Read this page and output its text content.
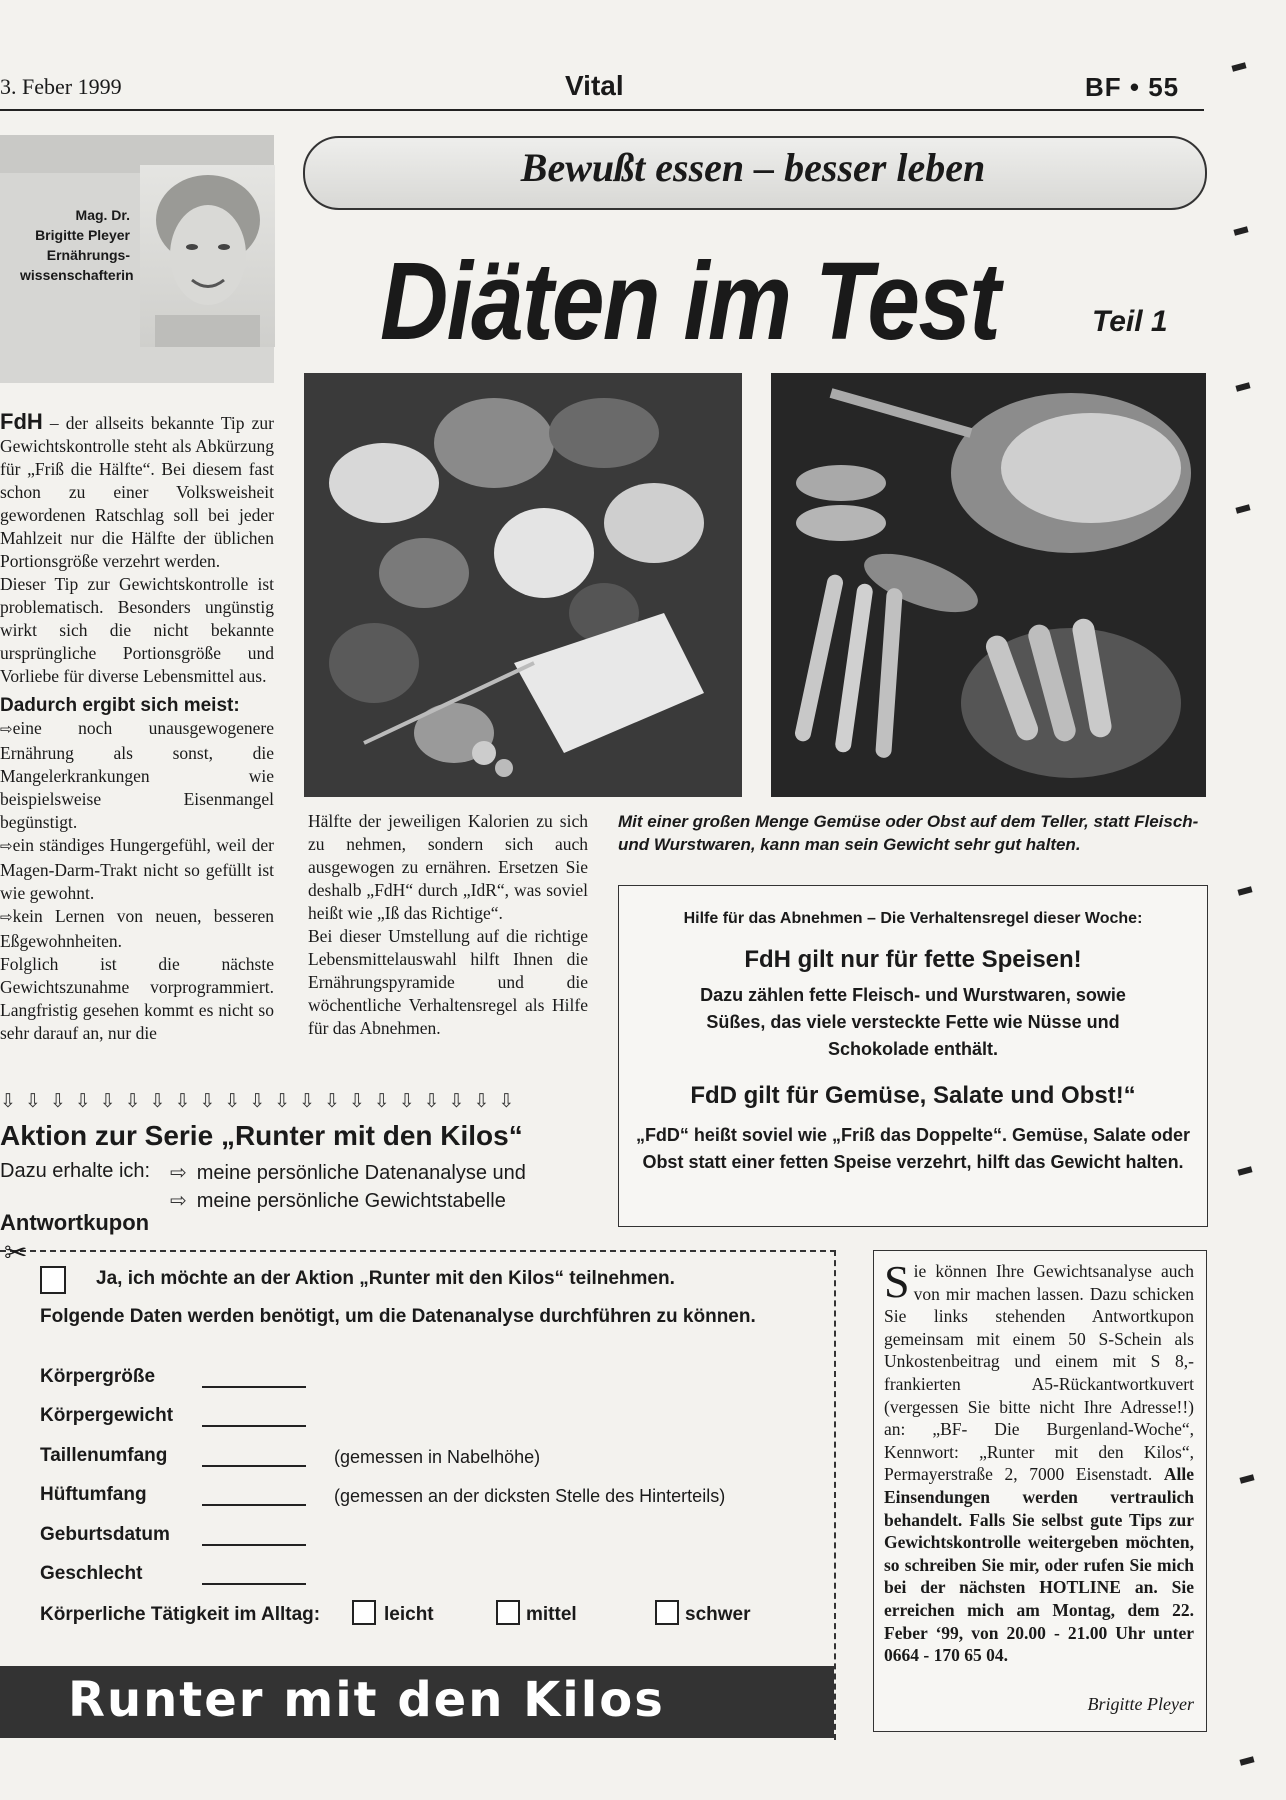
3. Feber 1999	Vital	BF • 55
Mag. Dr.
Brigitte Pleyer
Ernährungs-
wissenschafterin
Bewußt essen – besser leben
Diäten im Test	Teil 1
Mit einer großen Menge Gemüse oder Obst auf dem Teller, statt Fleisch- und Wurstwaren, kann man sein Gewicht sehr gut halten.

FdH – der allseits bekannte Tip zur Gewichtskontrolle steht als Abkürzung für „Friß die Hälfte“. Bei diesem fast schon zu einer Volksweisheit gewordenen Ratschlag soll bei jeder Mahlzeit nur die Hälfte der üblichen Portionsgröße verzehrt werden.

Dieser Tip zur Gewichtskontrolle ist problematisch. Besonders ungünstig wirkt sich die nicht bekannte ursprüngliche Portionsgröße und Vorliebe für diverse Lebensmittel aus.

Dadurch ergibt sich meist:

⇨ eine noch unausgewogenere Ernährung als sonst, die Mangelerkrankungen wie beispielsweise Eisenmangel begünstigt.

⇨ ein ständiges Hungergefühl, weil der Magen-Darm-Trakt nicht so gefüllt ist wie gewohnt.

⇨ kein Lernen von neuen, besseren Eßgewohnheiten.

Folglich ist die nächste Gewichtszunahme vorprogrammiert. Langfristig gesehen kommt es nicht so sehr darauf an, nur die

Hälfte der jeweiligen Kalorien zu sich zu nehmen, sondern sich auch ausgewogen zu ernähren. Ersetzen Sie deshalb „FdH“ durch „IdR“, was soviel heißt wie „Iß das Richtige“.

Bei dieser Umstellung auf die richtige Lebensmittelauswahl hilft Ihnen die Ernährungspyramide und die wöchentliche Verhaltensregel als Hilfe für das Abnehmen.

Hilfe für das Abnehmen – Die Verhaltensregel dieser Woche:
FdH gilt nur für fette Speisen!
Dazu zählen fette Fleisch- und Wurstwaren, sowie Süßes, das viele versteckte Fette wie Nüsse und Schokolade enthält.
FdD gilt für Gemüse, Salate und Obst!“
„FdD“ heißt soviel wie „Friß das Doppelte“. Gemüse, Salate oder Obst statt einer fetten Speise verzehrt, hilft das Gewicht halten.
⇩⇩⇩⇩⇩⇩⇩⇩⇩⇩⇩⇩⇩⇩⇩⇩⇩⇩⇩⇩⇩
Aktion zur Serie „Runter mit den Kilos“
Dazu erhalte ich: ⇨ meine persönliche Datenanalyse und
⇨ meine persönliche Gewichtstabelle
Antwortkupon
✂
Ja, ich möchte an der Aktion „Runter mit den Kilos“ teilnehmen.
Folgende Daten werden benötigt, um die Datenanalyse durchführen zu können.
Körpergröße
Körpergewicht
Taillenumfang	(gemessen in Nabelhöhe)
Hüftumfang	(gemessen an der dicksten Stelle des Hinterteils)
Geburtsdatum
Geschlecht
Körperliche Tätigkeit im Alltag:	leicht	mittel	schwer
Runter mit den Kilos
Sie können Ihre Gewichtsanalyse auch von mir machen lassen. Dazu schicken Sie links stehenden Antwortkupon gemeinsam mit einem 50 S-Schein als Unkostenbeitrag und einem mit S 8,- frankierten A5-Rückantwortkuvert (vergessen Sie bitte nicht Ihre Adresse!!) an: „BF- Die Burgenland-Woche“, Kennwort: „Runter mit den Kilos“, Permayerstraße 2, 7000 Eisenstadt. Alle Einsendungen werden vertraulich behandelt. Falls Sie selbst gute Tips zur Gewichtskontrolle weitergeben möchten, so schreiben Sie mir, oder rufen Sie mich bei der nächsten HOTLINE an. Sie erreichen mich am Montag, dem 22. Feber ‘99, von 20.00 - 21.00 Uhr unter 0664 - 170 65 04.
Brigitte Pleyer
